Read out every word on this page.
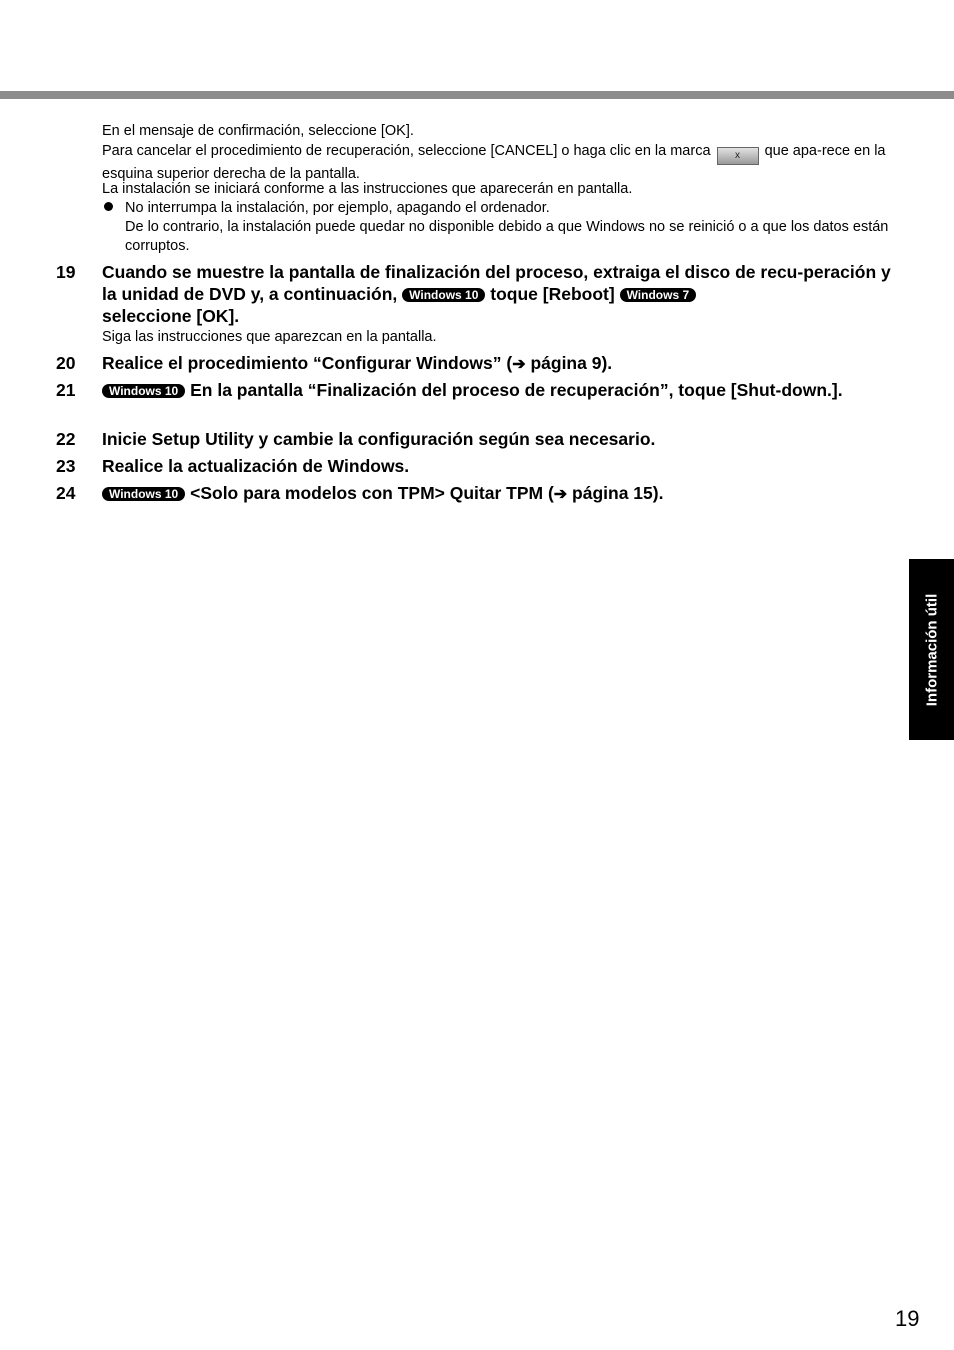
En el mensaje de confirmación, seleccione [OK].

Para cancelar el procedimiento de recuperación, seleccione [CANCEL] o haga clic en la marca x que apa-rece en la esquina superior derecha de la pantalla.

La instalación se iniciará conforme a las instrucciones que aparecerán en pantalla.

No interrumpa la instalación, por ejemplo, apagando el ordenador.

De lo contrario, la instalación puede quedar no disponible debido a que Windows no se reinició o a que los datos están corruptos.

19 Cuando se muestre la pantalla de finalización del proceso, extraiga el disco de recu-peración y la unidad de DVD y, a continuación, Windows 10 toque [Reboot] Windows 7
seleccione [OK].

Siga las instrucciones que aparezcan en la pantalla.

20 Realice el procedimiento “Configurar Windows” (➔ página 9).

21	Windows 10 En la pantalla “Finalización del proceso de recuperación”, toque [Shut-down.].

22 Inicie Setup Utility y cambie la configuración según sea necesario.

23 Realice la actualización de Windows.

24	Windows 10 <Solo para modelos con TPM> Quitar TPM (➔ página 15).

Información útil
19
